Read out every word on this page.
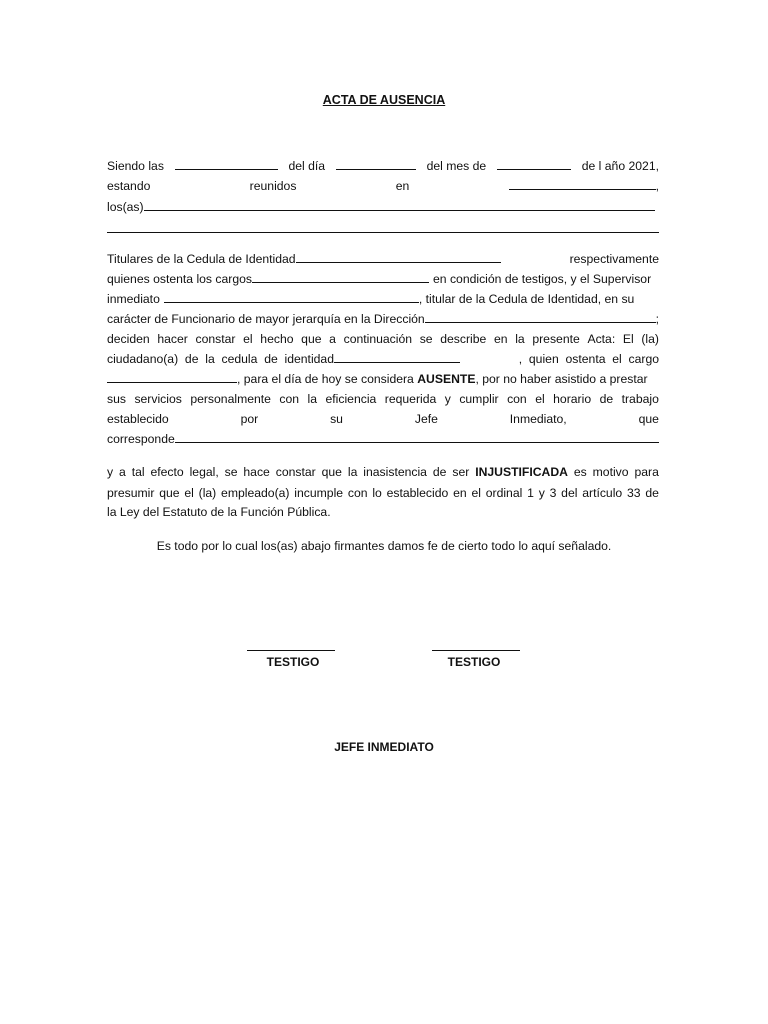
ACTA DE AUSENCIA
Siendo las	del día	del mes de	de l año 2021,
estando	reunidos	en	,
los(as)
Titulares de la Cedula de Identidad	respectivamente
quienes ostenta los cargos	en condición de testigos, y el Supervisor
inmediato	, titular de la Cedula de Identidad, en su
carácter de Funcionario de mayor jerarquía en la Dirección	;
deciden hacer constar el hecho que a continuación se describe en la presente Acta: El (la)
ciudadano(a)  de  la  cedula  de  identidad	,  quien  ostenta  el  cargo
, para el día de hoy se considera AUSENTE , por no haber asistido a prestar
sus servicios personalmente con la eficiencia requerida y cumplir con el horario de trabajo
establecido	por	su	Jefe	Inmediato,	que
corresponde
y a tal efecto legal, se hace constar que la inasistencia de ser INJUSTIFICADA es motivo para
presumir que el (la) empleado(a) incumple con lo establecido en el ordinal 1 y 3 del artículo 33 de
la Ley del Estatuto de la Función Pública.
Es todo por lo cual los(as) abajo firmantes damos fe de cierto todo lo aquí señalado.
TESTIGO	TESTIGO
JEFE INMEDIATO
